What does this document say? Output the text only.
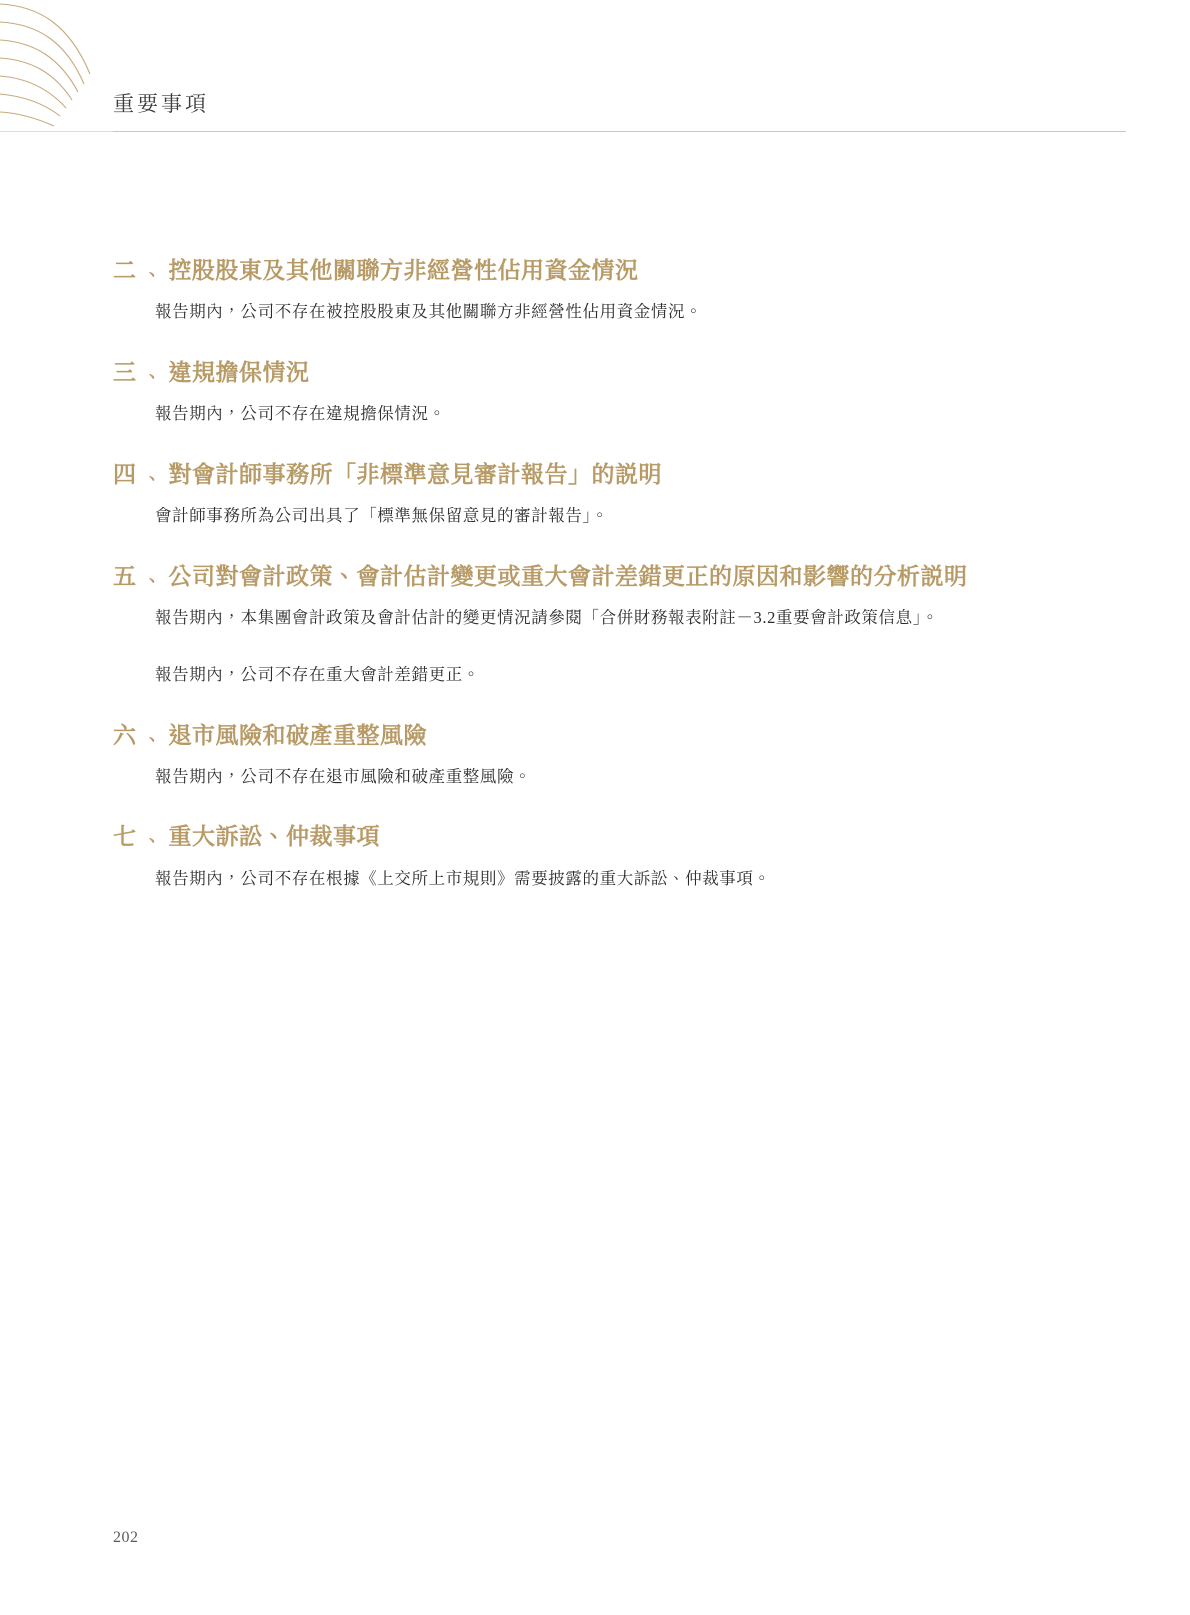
重要事項
二 、控股股東及其他關聯方非經營性佔用資金情況

報告期內，公司不存在被控股股東及其他關聯方非經營性佔用資金情況。

三 、違規擔保情況

報告期內，公司不存在違規擔保情況。

四 、對會計師事務所「非標準意見審計報告」的説明

會計師事務所為公司出具了「標準無保留意見的審計報告」。

五 、公司對會計政策、會計估計變更或重大會計差錯更正的原因和影響的分析説明

報告期內，本集團會計政策及會計估計的變更情況請參閱「合併財務報表附註－3.2重要會計政策信息」。

報告期內，公司不存在重大會計差錯更正。

六 、退市風險和破產重整風險

報告期內，公司不存在退市風險和破產重整風險。

七 、重大訴訟、仲裁事項

報告期內，公司不存在根據《上交所上市規則》需要披露的重大訴訟、仲裁事項。

202
